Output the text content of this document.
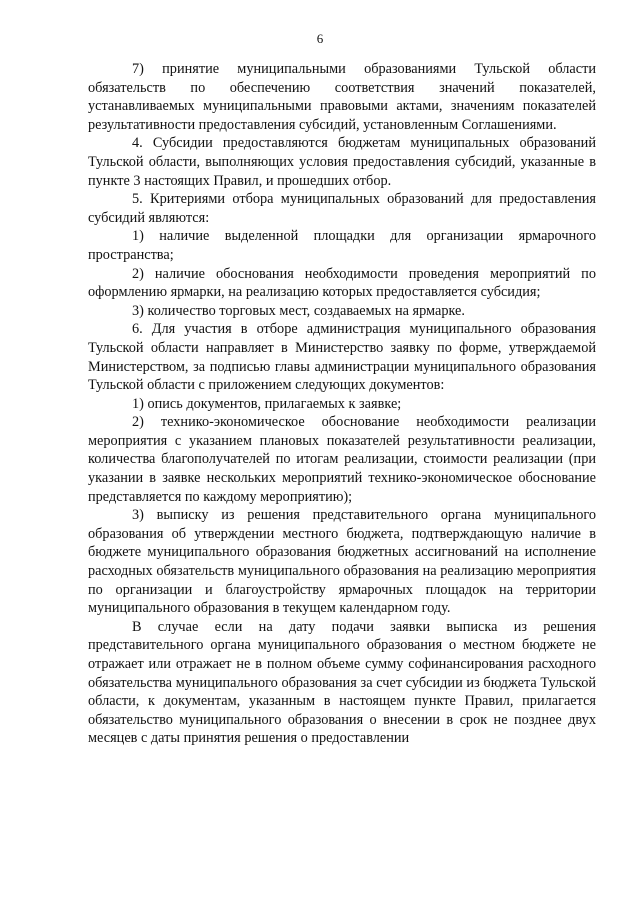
6

7) принятие муниципальными образованиями Тульской области обязательств по обеспечению соответствия значений показателей, устанавливаемых муниципальными правовыми актами, значениям показателей результативности предоставления субсидий, установленным Соглашениями.

4. Субсидии предоставляются бюджетам муниципальных образований Тульской области, выполняющих условия предоставления субсидий, указанные в пункте 3 настоящих Правил, и прошедших отбор.

5. Критериями отбора муниципальных образований для предоставления субсидий являются:

1) наличие выделенной площадки для организации ярмарочного пространства;

2) наличие обоснования необходимости проведения мероприятий по оформлению ярмарки, на реализацию которых предоставляется субсидия;

3) количество торговых мест, создаваемых на ярмарке.

6. Для участия в отборе администрация муниципального образования Тульской области направляет в Министерство заявку по форме, утверждаемой Министерством, за подписью главы администрации муниципального образования Тульской области с приложением следующих документов:

1) опись документов, прилагаемых к заявке;

2) технико-экономическое обоснование необходимости реализации мероприятия с указанием плановых показателей результативности реализации, количества благополучателей по итогам реализации, стоимости реализации (при указании в заявке нескольких мероприятий технико-экономическое обоснование представляется по каждому мероприятию);

3) выписку из решения представительного органа муниципального образования об утверждении местного бюджета, подтверждающую наличие в бюджете муниципального образования бюджетных ассигнований на исполнение расходных обязательств муниципального образования на реализацию мероприятия по организации и благоустройству ярмарочных площадок на территории муниципального образования в текущем календарном году.

В случае если на дату подачи заявки выписка из решения представительного органа муниципального образования о местном бюджете не отражает или отражает не в полном объеме сумму софинансирования расходного обязательства муниципального образования за счет субсидии из бюджета Тульской области, к документам, указанным в настоящем пункте Правил, прилагается обязательство муниципального образования о внесении в срок не позднее двух месяцев с даты принятия решения о предоставлении
